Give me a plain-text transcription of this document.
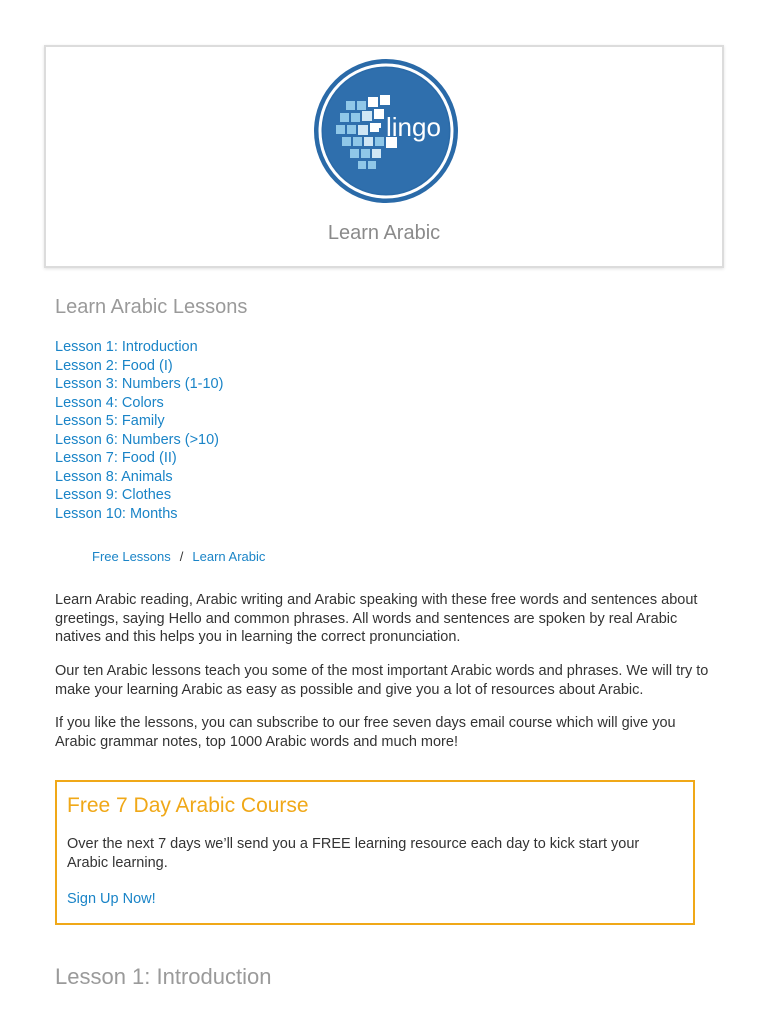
lingo
Learn Arabic
Learn Arabic Lessons
Lesson 1: Introduction
Lesson 2: Food (I)
Lesson 3: Numbers (1-10)
Lesson 4: Colors
Lesson 5: Family
Lesson 6: Numbers (>10)
Lesson 7: Food (II)
Lesson 8: Animals
Lesson 9: Clothes
Lesson 10: Months
Free Lessons / Learn Arabic

Learn Arabic reading, Arabic writing and Arabic speaking with these free words and sentences about greetings, saying Hello and common phrases. All words and sentences are spoken by real Arabic natives and this helps you in learning the correct pronunciation.

Our ten Arabic lessons teach you some of the most important Arabic words and phrases. We will try to make your learning Arabic as easy as possible and give you a lot of resources about Arabic.

If you like the lessons, you can subscribe to our free seven days email course which will give you Arabic grammar notes, top 1000 Arabic words and much more!

Free 7 Day Arabic Course

Over the next 7 days we’ll send you a FREE learning resource each day to kick start your Arabic learning.

Sign Up Now!
Lesson 1: Introduction
